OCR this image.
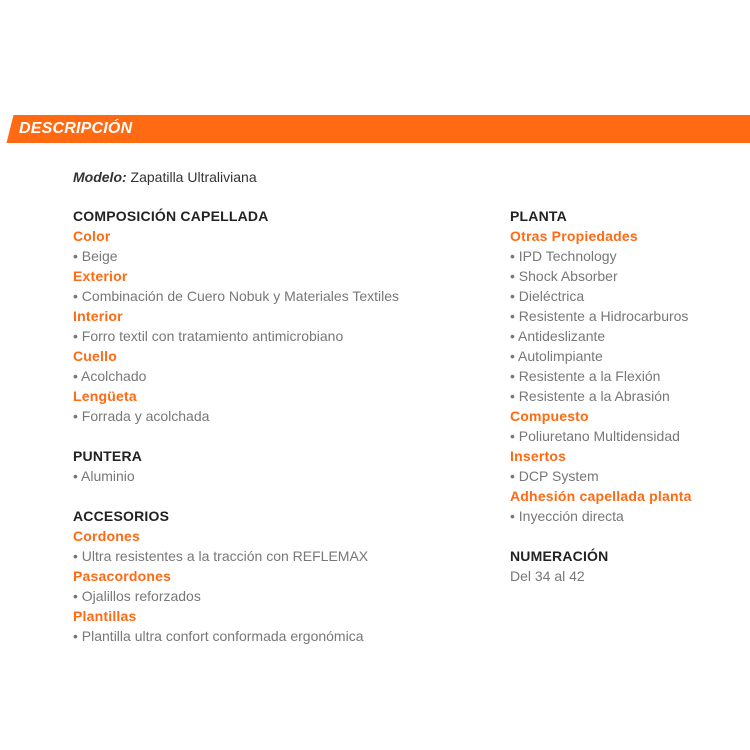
DESCRIPCIÓN
Modelo: Zapatilla Ultraliviana
COMPOSICIÓN CAPELLADA
Color
• Beige
Exterior
• Combinación de Cuero Nobuk y Materiales Textiles
Interior
• Forro textil con tratamiento antimicrobiano
Cuello
• Acolchado
Lengüeta
• Forrada y acolchada
PUNTERA
• Aluminio
ACCESORIOS
Cordones
• Ultra resistentes a la tracción con REFLEMAX
Pasacordones
• Ojalillos reforzados
Plantillas
• Plantilla ultra confort conformada ergonómica
PLANTA
Otras Propiedades
• IPD Technology
• Shock Absorber
• Dieléctrica
• Resistente a Hidrocarburos
• Antideslizante
• Autolimpiante
• Resistente a la Flexión
• Resistente a la Abrasión
Compuesto
• Poliuretano Multidensidad
Insertos
• DCP System
Adhesión capellada planta
• Inyección directa
NUMERACIÓN
Del 34 al 42
